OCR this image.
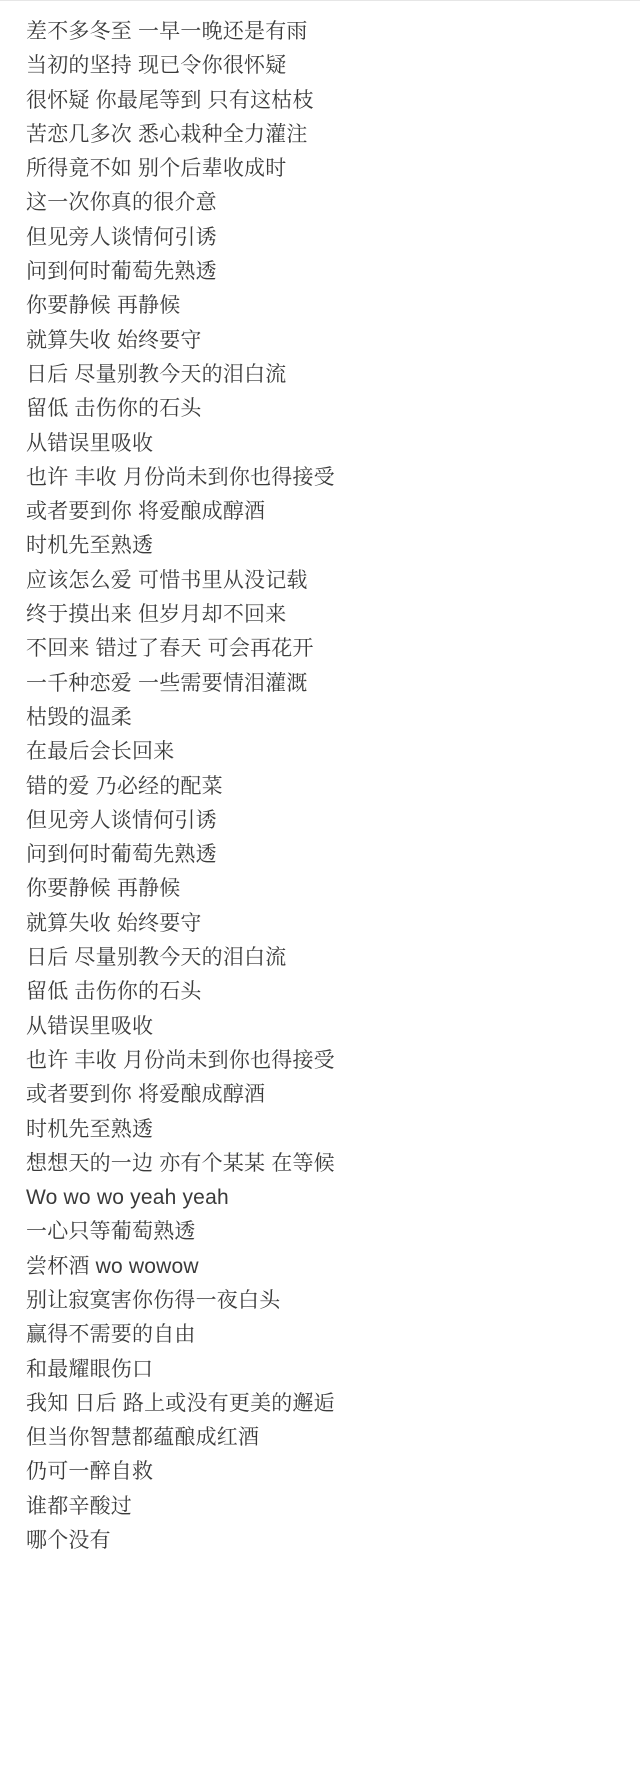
差不多冬至 一早一晚还是有雨
当初的坚持 现已令你很怀疑
很怀疑 你最尾等到 只有这枯枝
苦恋几多次 悉心栽种全力灌注
所得竟不如 别个后辈收成时
这一次你真的很介意
但见旁人谈情何引诱
问到何时葡萄先熟透
你要静候 再静候
就算失收 始终要守
日后 尽量别教今天的泪白流
留低 击伤你的石头
从错误里吸收
也许 丰收 月份尚未到你也得接受
或者要到你 将爱酿成醇酒
时机先至熟透
应该怎么爱 可惜书里从没记载
终于摸出来 但岁月却不回来
不回来 错过了春天 可会再花开
一千种恋爱 一些需要情泪灌溉
枯毁的温柔
在最后会长回来
错的爱 乃必经的配菜
但见旁人谈情何引诱
问到何时葡萄先熟透
你要静候 再静候
就算失收 始终要守
日后 尽量别教今天的泪白流
留低 击伤你的石头
从错误里吸收
也许 丰收 月份尚未到你也得接受
或者要到你 将爱酿成醇酒
时机先至熟透
想想天的一边 亦有个某某 在等候
Wo wo wo yeah yeah
一心只等葡萄熟透
尝杯酒 wo wowow
别让寂寞害你伤得一夜白头
赢得不需要的自由
和最耀眼伤口
我知 日后 路上或没有更美的邂逅
但当你智慧都蕴酿成红酒
仍可一醉自救
谁都辛酸过
哪个没有
